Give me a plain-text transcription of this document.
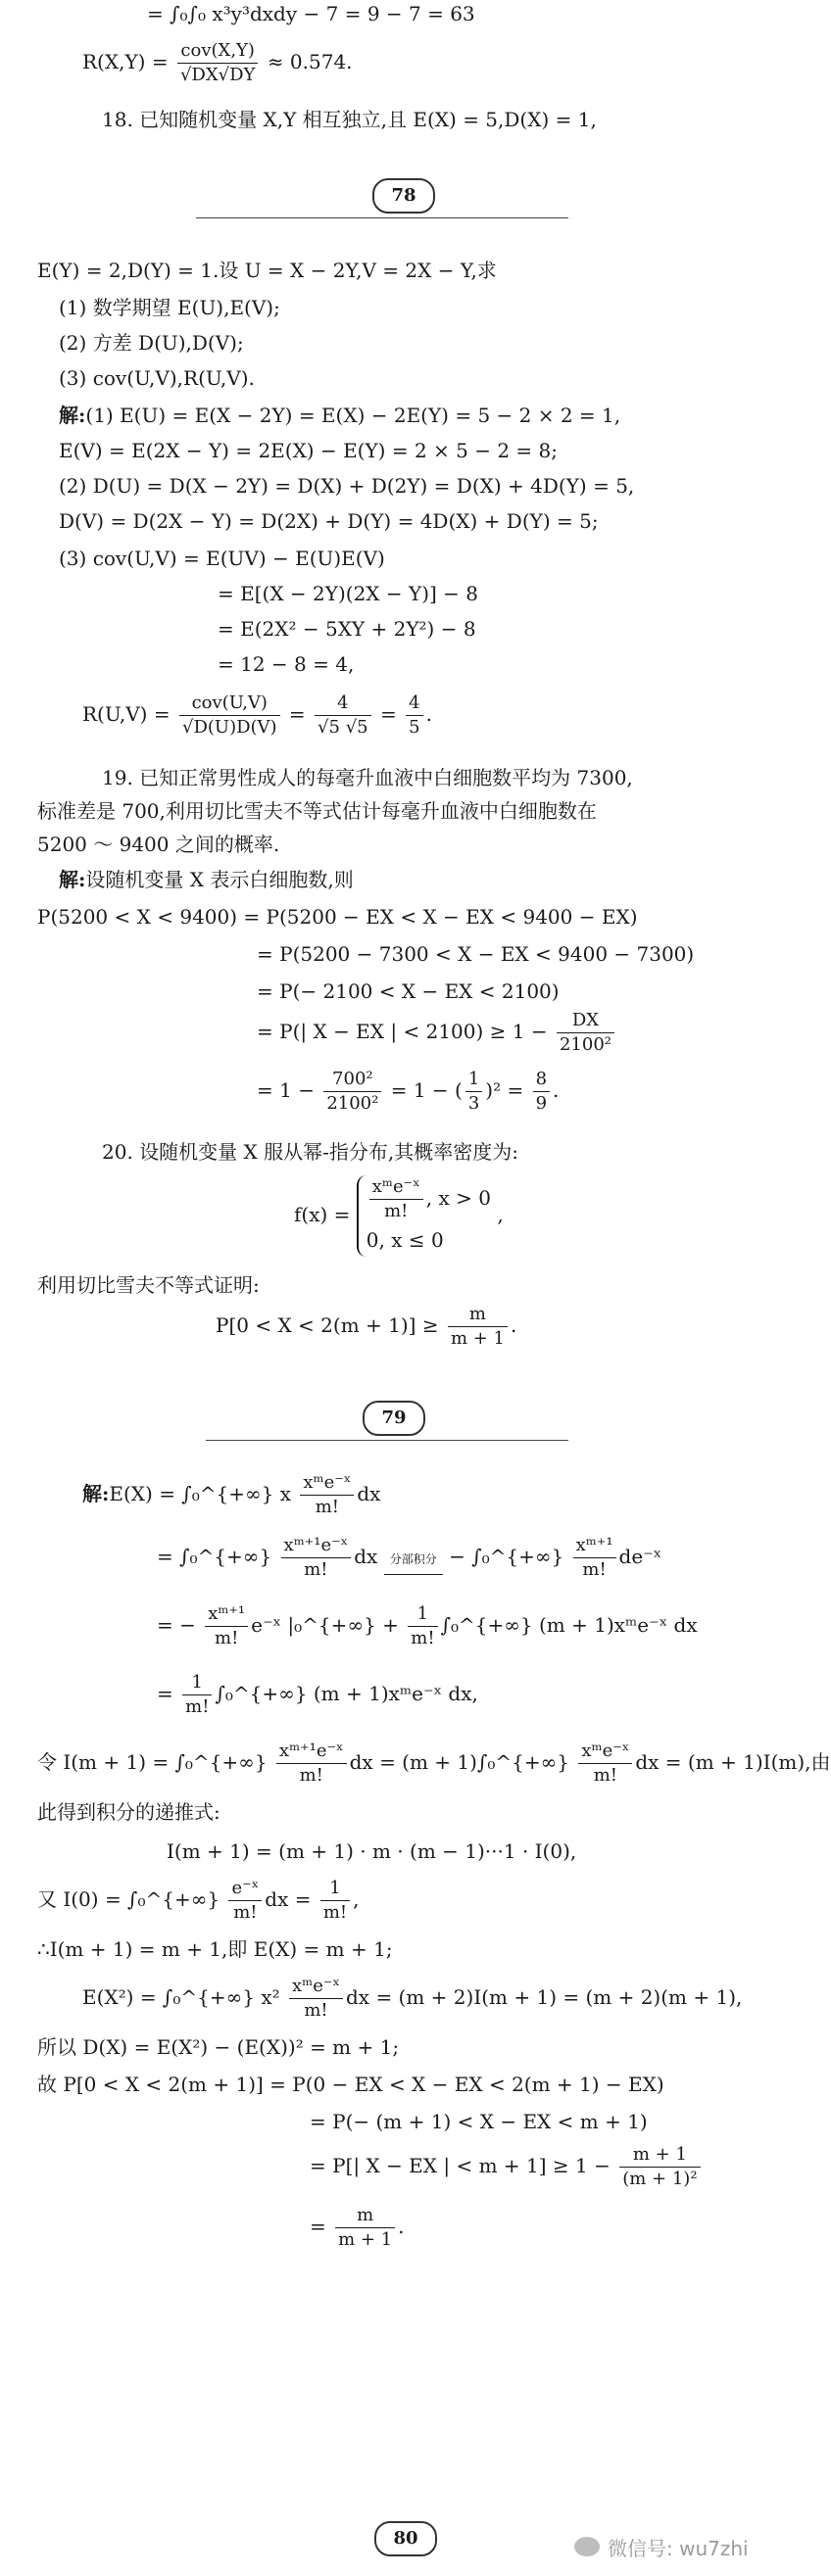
= ∫₀∫₀ x³y³dxdy − 7 = 9 − 7 = 63
$R(X,Y) = \frac{\text{cov(X,Y)}}{√DX√DY} \approx 0.574$.
18. 已知随机变量 X,Y 相互独立,且 E(X) = 5,D(X) = 1,
78
E(Y) = 2,D(Y) = 1.设 U = X − 2Y,V = 2X − Y,求
(1) 数学期望 E(U),E(V);
(2) 方差 D(U),D(V);
(3) cov(U,V),R(U,V).
解:(1) E(U) = E(X − 2Y) = E(X) − 2E(Y) = 5 − 2 × 2 = 1,
E(V) = E(2X − Y) = 2E(X) − E(Y) = 2 × 5 − 2 = 8;
(2) D(U) = D(X − 2Y) = D(X) + D(2Y) = D(X) + 4D(Y) = 5,
D(V) = D(2X − Y) = D(2X) + D(Y) = 4D(X) + D(Y) = 5;
(3) cov(U,V) = E(UV) − E(U)E(V)
= E[(X − 2Y)(2X − Y)] − 8
= E(2X² − 5XY + 2Y²) − 8
= 12 − 8 = 4,
$R(U,V) = \frac{\text{cov(U,V)}}{√D(U)D(V)} = \frac{4}{√5 √5} = \frac{4}{5}$ .
19. 已知正常男性成人的每毫升血液中白细胞数平均为 7300,
标准差是 700,利用切比雪夫不等式估计每毫升血液中白细胞数在
5200 ～ 9400 之间的概率.
解:设随机变量 X 表示白细胞数,则
P(5200 < X < 9400) = P(5200 − EX < X − EX < 9400 − EX)
= P(5200 − 7300 < X − EX < 9400 − 7300)
= P(− 2100 < X − EX < 2100)
= P(| X − EX | < $2100) \ge 1 - \frac{DX}{\text{2100²}}$
= $1 - \frac{\text{700²}}{\text{2100²}} = 1$ − ( $\frac{1}{3} )^2 = \frac{8}{9}$ .
20. 设随机变量 X 服从幂-指分布,其概率密度为:
$f(x) = \frac{\text{xᵐe⁻ˣ}}{m!}$ , x > 0
0, x ≤ 0
,
利用切比雪夫不等式证明:
$P[0 < X < 2(m + 1)] \ge \frac{m}{m + 1}$ .
79
解:E(X) = ∫₀^{+∞} x $\frac{\text{xᵐe⁻ˣ}}{m!}$ dx
= ∫₀^{+∞} $\frac{\text{xᵐ⁺¹e⁻ˣ}}{m!}$ dx 分部积分 − ∫₀^{+∞} $\frac{\text{xᵐ⁺¹}}{m!}$ de⁻ˣ
= − $\frac{\text{xᵐ⁺¹}}{m!}$ e⁻ˣ |₀^{+∞} + $\frac{1}{m!}$ ∫₀^{+∞} (m + 1)xᵐe⁻ˣ dx
= $\frac{1}{m!}$ ∫₀^{+∞} (m + 1)xᵐe⁻ˣ dx,
令 I(m + 1) = ∫₀^{+∞} $\frac{\text{xᵐ⁺¹e⁻ˣ}}{m!}$ dx = (m + 1)∫₀^{+∞} $\frac{\text{xᵐe⁻ˣ}}{m!}$ dx = (m + 1)I(m),由
此得到积分的递推式:
I(m + 1) = (m + 1) · m · (m − 1)···1 · I(0),
又 I(0) = ∫₀^{+∞} $\frac{\text{e⁻ˣ}}{m!}$ dx = $\frac{1}{m!}$ ,
∴I(m + 1) = m + 1,即 E(X) = m + 1;
E(X²) = ∫₀^{+∞} $x^2 \frac{\text{xᵐe⁻ˣ}}{m!}$ dx = (m + 2)I(m + 1) = (m + 2)(m + 1),
所以 D(X) = E(X²) − (E(X))² = m + 1;
故 P[0 < X < 2(m + 1)] = P(0 − EX < X − EX < 2(m + 1) − EX)
= P(− (m + 1) < X − EX < m + 1)
= P[| X − EX | < $m + 1] \ge 1 - \frac{m + 1}{\text{(m + 1)²}}$
= $\frac{m}{m + 1}$ .
80	微信号: wu7zhi
